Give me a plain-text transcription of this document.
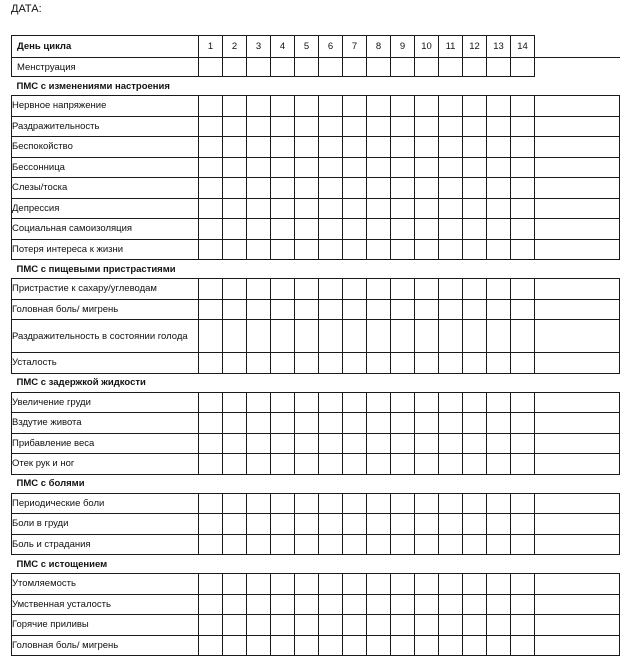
ДАТА:
День цикла	1	2	3	4	5	6	7	8	9	10	11	12	13	14	
Менструация															
ПМС с изменениями настроения															
Нервное напряжение															
Раздражительность															
Беспокойство															
Бессонница															
Слезы/тоска															
Депрессия															
Социальная самоизоляция															
Потеря интереса к жизни															
ПМС с пищевыми пристрастиями															
Пристрастие к сахару/углеводам															
Головная боль/ мигрень															
Раздражительность в состоянии голода															
Усталость															
ПМС с задержкой жидкости															
Увеличение груди															
Вздутие живота															
Прибавление веса															
Отек рук и ног															
ПМС с болями															
Периодические боли															
Боли в груди															
Боль и страдания															
ПМС с истощением															
Утомляемость															
Умственная усталость															
Горячие приливы															
Головная боль/ мигрень															
